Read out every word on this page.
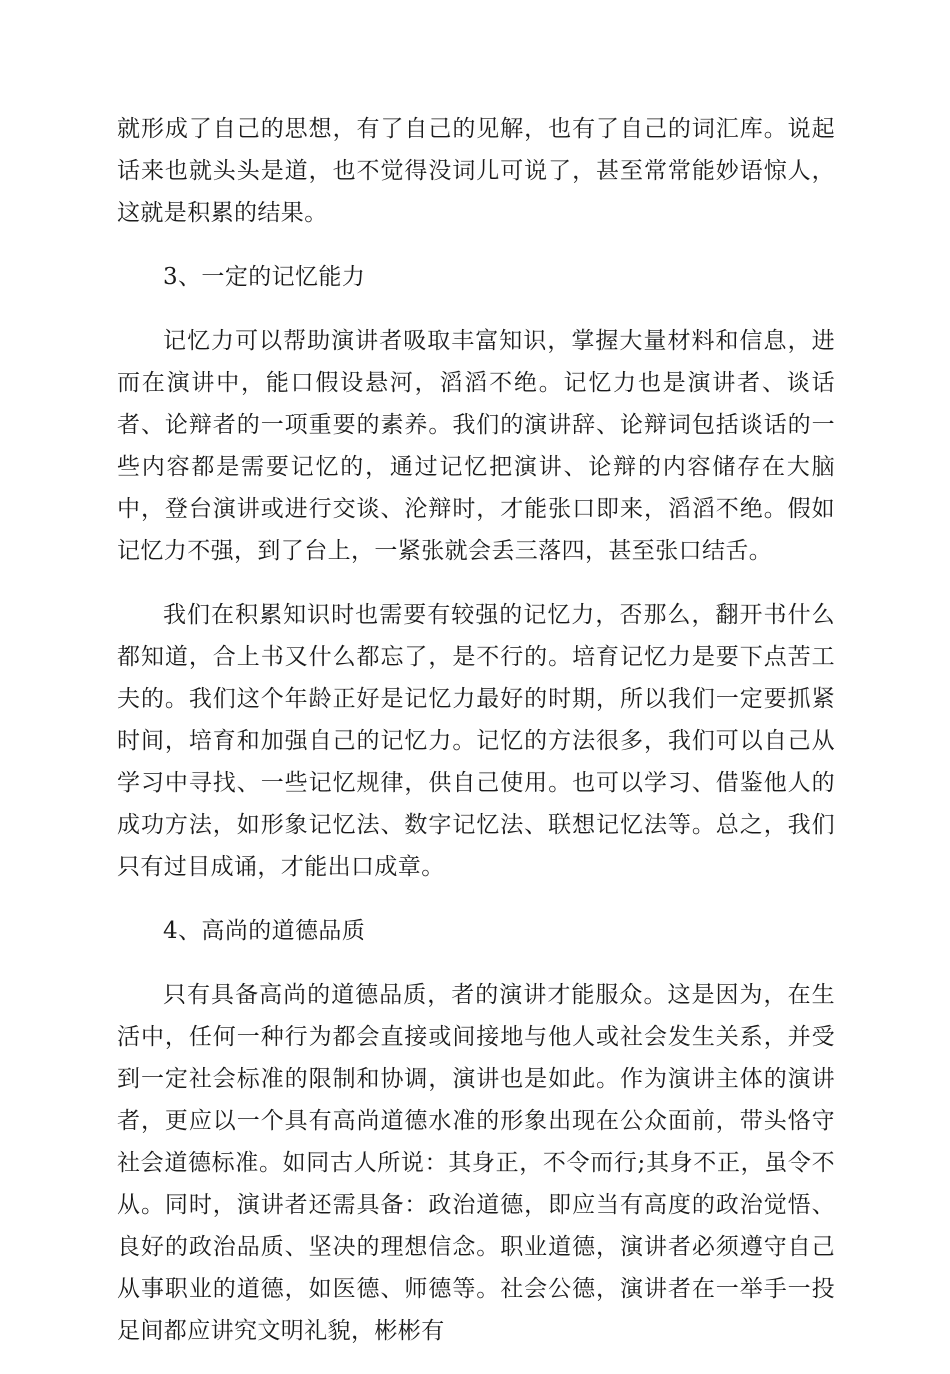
就形成了自己的思想，有了自己的见解，也有了自己的词汇库。说起话来也就头头是道，也不觉得没词儿可说了，甚至常常能妙语惊人，这就是积累的结果。

3、一定的记忆能力

记忆力可以帮助演讲者吸取丰富知识，掌握大量材料和信息，进而在演讲中，能口假设悬河，滔滔不绝。记忆力也是演讲者、谈话者、论辩者的一项重要的素养。我们的演讲辞、论辩词包括谈话的一些内容都是需要记忆的，通过记忆把演讲、论辩的内容储存在大脑中，登台演讲或进行交谈、沦辩时，才能张口即来，滔滔不绝。假如记忆力不强，到了台上，一紧张就会丢三落四，甚至张口结舌。

我们在积累知识时也需要有较强的记忆力，否那么，翻开书什么都知道，合上书又什么都忘了，是不行的。培育记忆力是要下点苦工夫的。我们这个年龄正好是记忆力最好的时期，所以我们一定要抓紧时间，培育和加强自己的记忆力。记忆的方法很多，我们可以自己从学习中寻找、一些记忆规律，供自己使用。也可以学习、借鉴他人的成功方法，如形象记忆法、数字记忆法、联想记忆法等。总之，我们只有过目成诵，才能出口成章。

4、高尚的道德品质

只有具备高尚的道德品质，者的演讲才能服众。这是因为，在生活中，任何一种行为都会直接或间接地与他人或社会发生关系，并受到一定社会标准的限制和协调，演讲也是如此。作为演讲主体的演讲者，更应以一个具有高尚道德水准的形象出现在公众面前，带头恪守社会道德标准。如同古人所说：其身正，不令而行;其身不正，虽令不从。同时，演讲者还需具备：政治道德，即应当有高度的政治觉悟、良好的政治品质、坚决的理想信念。职业道德，演讲者必须遵守自己从事职业的道德，如医德、师德等。社会公德，演讲者在一举手一投足间都应讲究文明礼貌，彬彬有
